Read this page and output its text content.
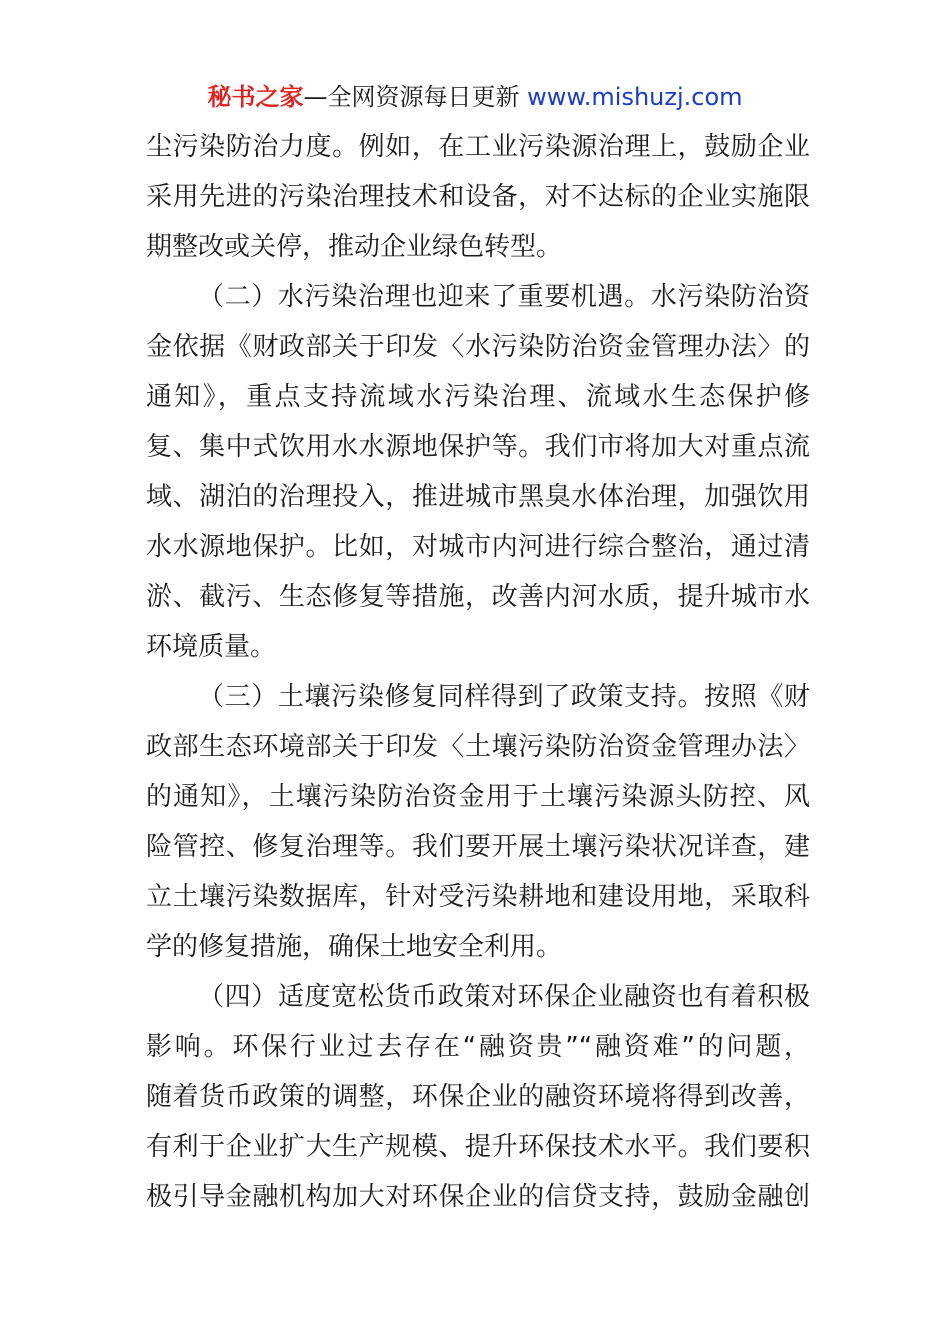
秘书之家—全网资源每日更新 www.mishuzj.com
尘污染防治力度。例如，在工业污染源治理上，鼓励企业
采用先进的污染治理技术和设备，对不达标的企业实施限
期整改或关停，推动企业绿色转型。
（二）水污染治理也迎来了重要机遇。水污染防治资
金依据《财政部关于印发〈水污染防治资金管理办法〉的
通知》，重点支持流域水污染治理、流域水生态保护修
复、集中式饮用水水源地保护等。我们市将加大对重点流
域、湖泊的治理投入，推进城市黑臭水体治理，加强饮用
水水源地保护。比如，对城市内河进行综合整治，通过清
淤、截污、生态修复等措施，改善内河水质，提升城市水
环境质量。
（三）土壤污染修复同样得到了政策支持。按照《财
政部生态环境部关于印发〈土壤污染防治资金管理办法〉
的通知》，土壤污染防治资金用于土壤污染源头防控、风
险管控、修复治理等。我们要开展土壤污染状况详查，建
立土壤污染数据库，针对受污染耕地和建设用地，采取科
学的修复措施，确保土地安全利用。
（四）适度宽松货币政策对环保企业融资也有着积极
影响。环保行业过去存在“融资贵”“融资难”的问题，
随着货币政策的调整，环保企业的融资环境将得到改善，
有利于企业扩大生产规模、提升环保技术水平。我们要积
极引导金融机构加大对环保企业的信贷支持，鼓励金融创
